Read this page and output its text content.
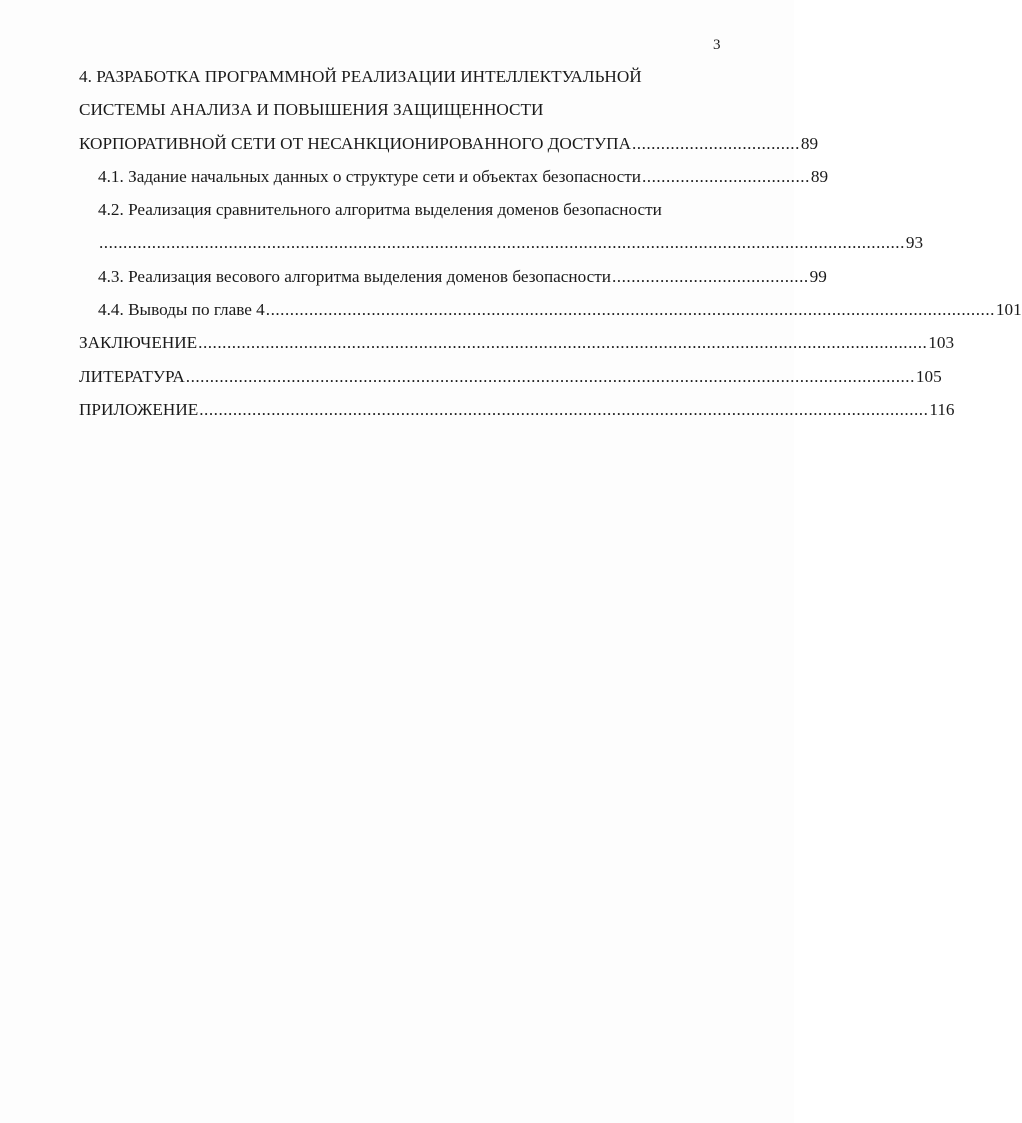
3
4. РАЗРАБОТКА ПРОГРАММНОЙ РЕАЛИЗАЦИИ ИНТЕЛЛЕКТУАЛЬНОЙ
СИСТЕМЫ АНАЛИЗА И ПОВЫШЕНИЯ ЗАЩИЩЕННОСТИ
КОРПОРАТИВНОЙ СЕТИ ОТ НЕСАНКЦИОНИРОВАННОГО ДОСТУПА ................................... 89
4.1. Задание начальных данных о структуре сети и объектах безопасности ................................... 89
4.2. Реализация сравнительного алгоритма выделения доменов безопасности
........................................................................................................................................................................ 93
4.3. Реализация весового алгоритма выделения доменов безопасности ......................................... 99
4.4. Выводы по главе 4 ........................................................................................................................................................ 101
ЗАКЛЮЧЕНИЕ ........................................................................................................................................................ 103
ЛИТЕРАТУРА ........................................................................................................................................................ 105
ПРИЛОЖЕНИЕ ........................................................................................................................................................ 116
